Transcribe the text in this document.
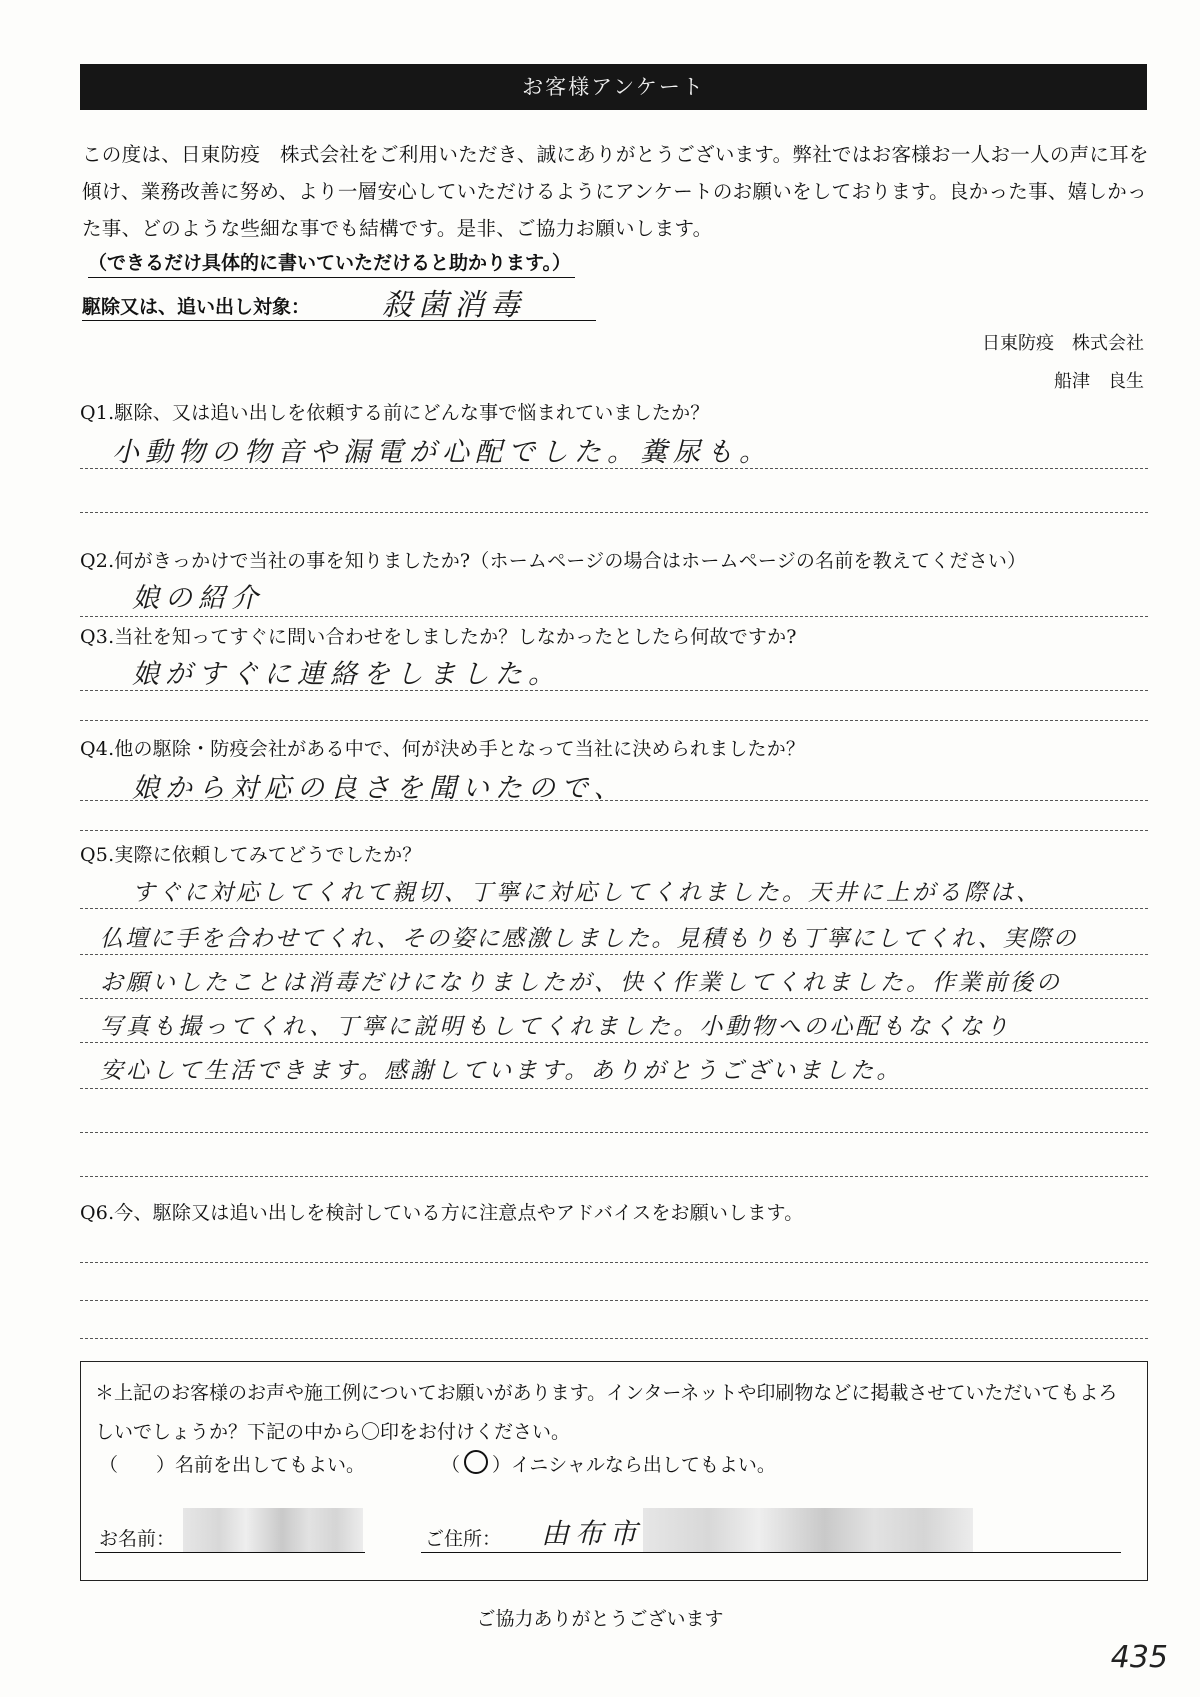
お客様アンケート
この度は、日東防疫　株式会社をご利用いただき、誠にありがとうございます。弊社ではお客様お一人お一人の声に耳を傾け、業務改善に努め、より一層安心していただけるようにアンケートのお願いをしております。良かった事、嬉しかった事、どのような些細な事でも結構です。是非、ご協力お願いします。
（できるだけ具体的に書いていただけると助かります。）
駆除又は、追い出し対象： 殺菌消毒
日東防疫　株式会社
船津　良生
Q1.駆除、又は追い出しを依頼する前にどんな事で悩まれていましたか？
小動物の物音や漏電が心配でした。糞尿も。
Q2.何がきっかけで当社の事を知りましたか?（ホームページの場合はホームページの名前を教えてください）
娘の紹介
Q3.当社を知ってすぐに問い合わせをしましたか？しなかったとしたら何故ですか?
娘がすぐに連絡をしました。
Q4.他の駆除・防疫会社がある中で、何が決め手となって当社に決められましたか？
娘から対応の良さを聞いたので、
Q5.実際に依頼してみてどうでしたか？
すぐに対応してくれて親切、丁寧に対応してくれました。天井に上がる際は、
仏壇に手を合わせてくれ、その姿に感激しました。見積もりも丁寧にしてくれ、実際の
お願いしたことは消毒だけになりましたが、快く作業してくれました。作業前後の
写真も撮ってくれ、丁寧に説明もしてくれました。小動物への心配もなくなり
安心して生活できます。感謝しています。ありがとうございました。
Q6.今、駆除又は追い出しを検討している方に注意点やアドバイスをお願いします。
＊上記のお客様のお声や施工例についてお願いがあります。インターネットや印刷物などに掲載させていただいてもよろしいでしょうか？下記の中から〇印をお付けください。
（　　）名前を出してもよい。	（ ○ ）イニシャルなら出してもよい。
お名前：	ご住所： 由布市
ご協力ありがとうございます
435
